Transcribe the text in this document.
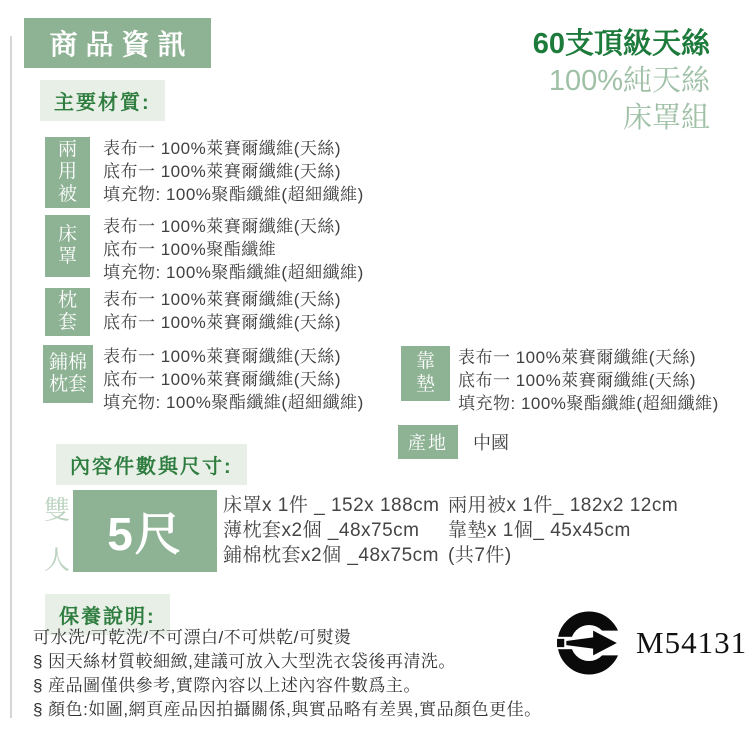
商品資訊	60支頂級天絲
100%純天絲
床罩組
主要材質:
兩用被
表布一 100%萊賽爾纖維(天絲)
底布一 100%萊賽爾纖維(天絲)
填充物: 100%聚酯纖維(超細纖維)
床罩
表布一 100%萊賽爾纖維(天絲)
底布一 100%聚酯纖維
填充物: 100%聚酯纖維(超細纖維)
枕套
表布一 100%萊賽爾纖維(天絲)
底布一 100%萊賽爾纖維(天絲)
鋪棉枕套
表布一 100%萊賽爾纖維(天絲)
底布一 100%萊賽爾纖維(天絲)
填充物: 100%聚酯纖維(超細纖維)
靠墊
表布一 100%萊賽爾纖維(天絲)
底布一 100%萊賽爾纖維(天絲)
填充物: 100%聚酯纖維(超細纖維)
產地	中國
內容件數與尺寸:
雙
人 5尺
床罩x 1件 _ 152x 188cm
薄枕套x2個 _48x75cm
鋪棉枕套x2個 _48x75cm
兩用被x 1件_ 182x2 12cm
靠墊x 1個_ 45x45cm
(共7件)
保養說明:
可水洗/可乾洗/不可漂白/不可烘乾/可熨燙
§ 因天絲材質較細緻,建議可放入大型洗衣袋後再清洗。
§ 産品圖僅供參考,實際內容以上述內容件數爲主。
§ 顏色:如圖,網頁産品因拍攝關係,與實品略有差異,實品顏色更佳。
M54131
